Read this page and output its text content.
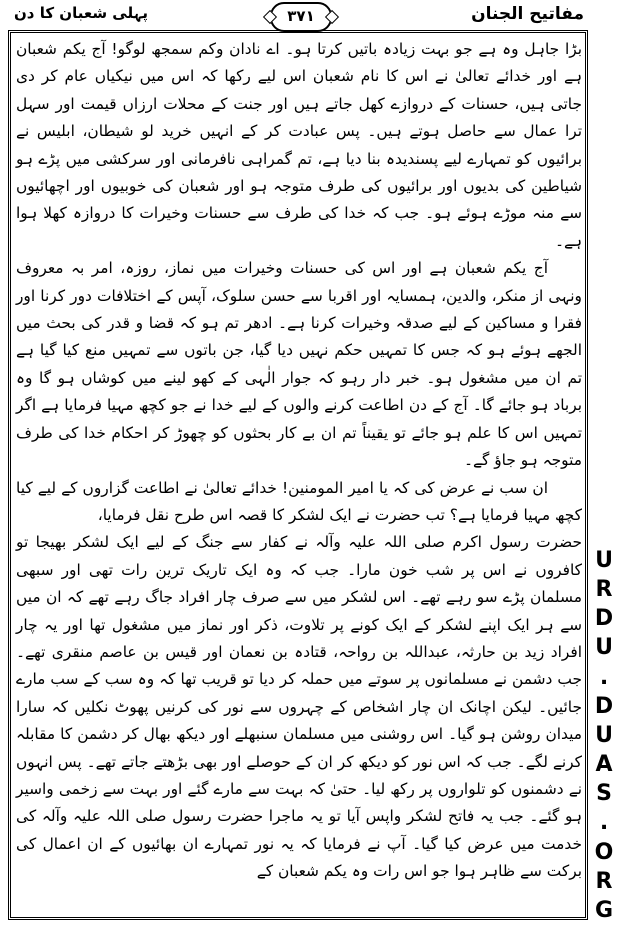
مفاتیح الجنان
۳۷۱
پہلی شعبان کا دن

بڑا جاہل وہ ہے جو بہت زیادہ باتیں کرتا ہو۔ اے نادان وکم سمجھ لوگو! آج یکم شعبان ہے اور خدائے تعالیٰ نے اس کا نام شعبان اس لیے رکھا کہ اس میں نیکیاں عام کر دی جاتی ہیں، حسنات کے دروازے کھل جاتے ہیں اور جنت کے محلات ارزاں قیمت اور سہل ترا عمال سے حاصل ہوتے ہیں۔ پس عبادت کر کے انہیں خرید لو شیطان، ابلیس نے برائیوں کو تمہارے لیے پسندیدہ بنا دیا ہے، تم گمراہی نافرمانی اور سرکشی میں پڑے ہو شیاطین کی بدیوں اور برائیوں کی طرف متوجہ ہو اور شعبان کی خوبیوں اور اچھائیوں سے منہ موڑے ہوئے ہو۔ جب کہ خدا کی طرف سے حسنات وخیرات کا دروازہ کھلا ہوا ہے۔

آج یکم شعبان ہے اور اس کی حسنات وخیرات میں نماز، روزہ، امر بہ معروف ونہی از منکر، والدین، ہمسایہ اور اقربا سے حسن سلوک، آپس کے اختلافات دور کرنا اور فقرا و مساکین کے لیے صدقہ وخیرات کرنا ہے۔ ادھر تم ہو کہ قضا و قدر کی بحث میں الجھے ہوئے ہو کہ جس کا تمہیں حکم نہیں دیا گیا، جن باتوں سے تمہیں منع کیا گیا ہے تم ان میں مشغول ہو۔ خبر دار رہو کہ جوار الٰہی کے کھو لینے میں کوشاں ہو گا وہ برباد ہو جائے گا۔ آج کے دن اطاعت کرنے والوں کے لیے خدا نے جو کچھ مہیا فرمایا ہے اگر تمہیں اس کا علم ہو جائے تو یقیناً تم ان بے کار بحثوں کو چھوڑ کر احکام خدا کی طرف متوجہ ہو جاؤ گے۔

ان سب نے عرض کی کہ یا امیر المومنین! خدائے تعالیٰ نے اطاعت گزاروں کے لیے کیا کچھ مہیا فرمایا ہے؟ تب حضرت نے ایک لشکر کا قصہ اس طرح نقل فرمایا،

حضرت رسول اکرم صلی اللہ علیہ وآلہ نے کفار سے جنگ کے لیے ایک لشکر بھیجا تو کافروں نے اس پر شب خون مارا۔ جب کہ وہ ایک تاریک ترین رات تھی اور سبھی مسلمان پڑے سو رہے تھے۔ اس لشکر میں سے صرف چار افراد جاگ رہے تھے کہ ان میں سے ہر ایک اپنے لشکر کے ایک کونے پر تلاوت، ذکر اور نماز میں مشغول تھا اور یہ چار افراد زید بن حارثہ، عبداللہ بن رواحہ، قتادہ بن نعمان اور قیس بن عاصم منقری تھے۔ جب دشمن نے مسلمانوں پر سوتے میں حملہ کر دیا تو قریب تھا کہ وہ سب کے سب مارے جائیں۔ لیکن اچانک ان چار اشخاص کے چہروں سے نور کی کرنیں پھوٹ نکلیں کہ سارا میدان روشن ہو گیا۔ اس روشنی میں مسلمان سنبھلے اور دیکھ بھال کر دشمن کا مقابلہ کرنے لگے۔ جب کہ اس نور کو دیکھ کر ان کے حوصلے اور بھی بڑھتے جاتے تھے۔ پس انہوں نے دشمنوں کو تلواروں پر رکھ لیا۔ حتیٰ کہ بہت سے مارے گئے اور بہت سے زخمی واسیر ہو گئے۔ جب یہ فاتح لشکر واپس آیا تو یہ ماجرا حضرت رسول صلی اللہ علیہ وآلہ کی خدمت میں عرض کیا گیا۔ آپ نے فرمایا کہ یہ نور تمہارے ان بھائیوں کے ان اعمال کی برکت سے ظاہر ہوا جو اس رات وہ یکم شعبان کے

U
R
D
U
.
D
U
A
S
.
O
R
G
